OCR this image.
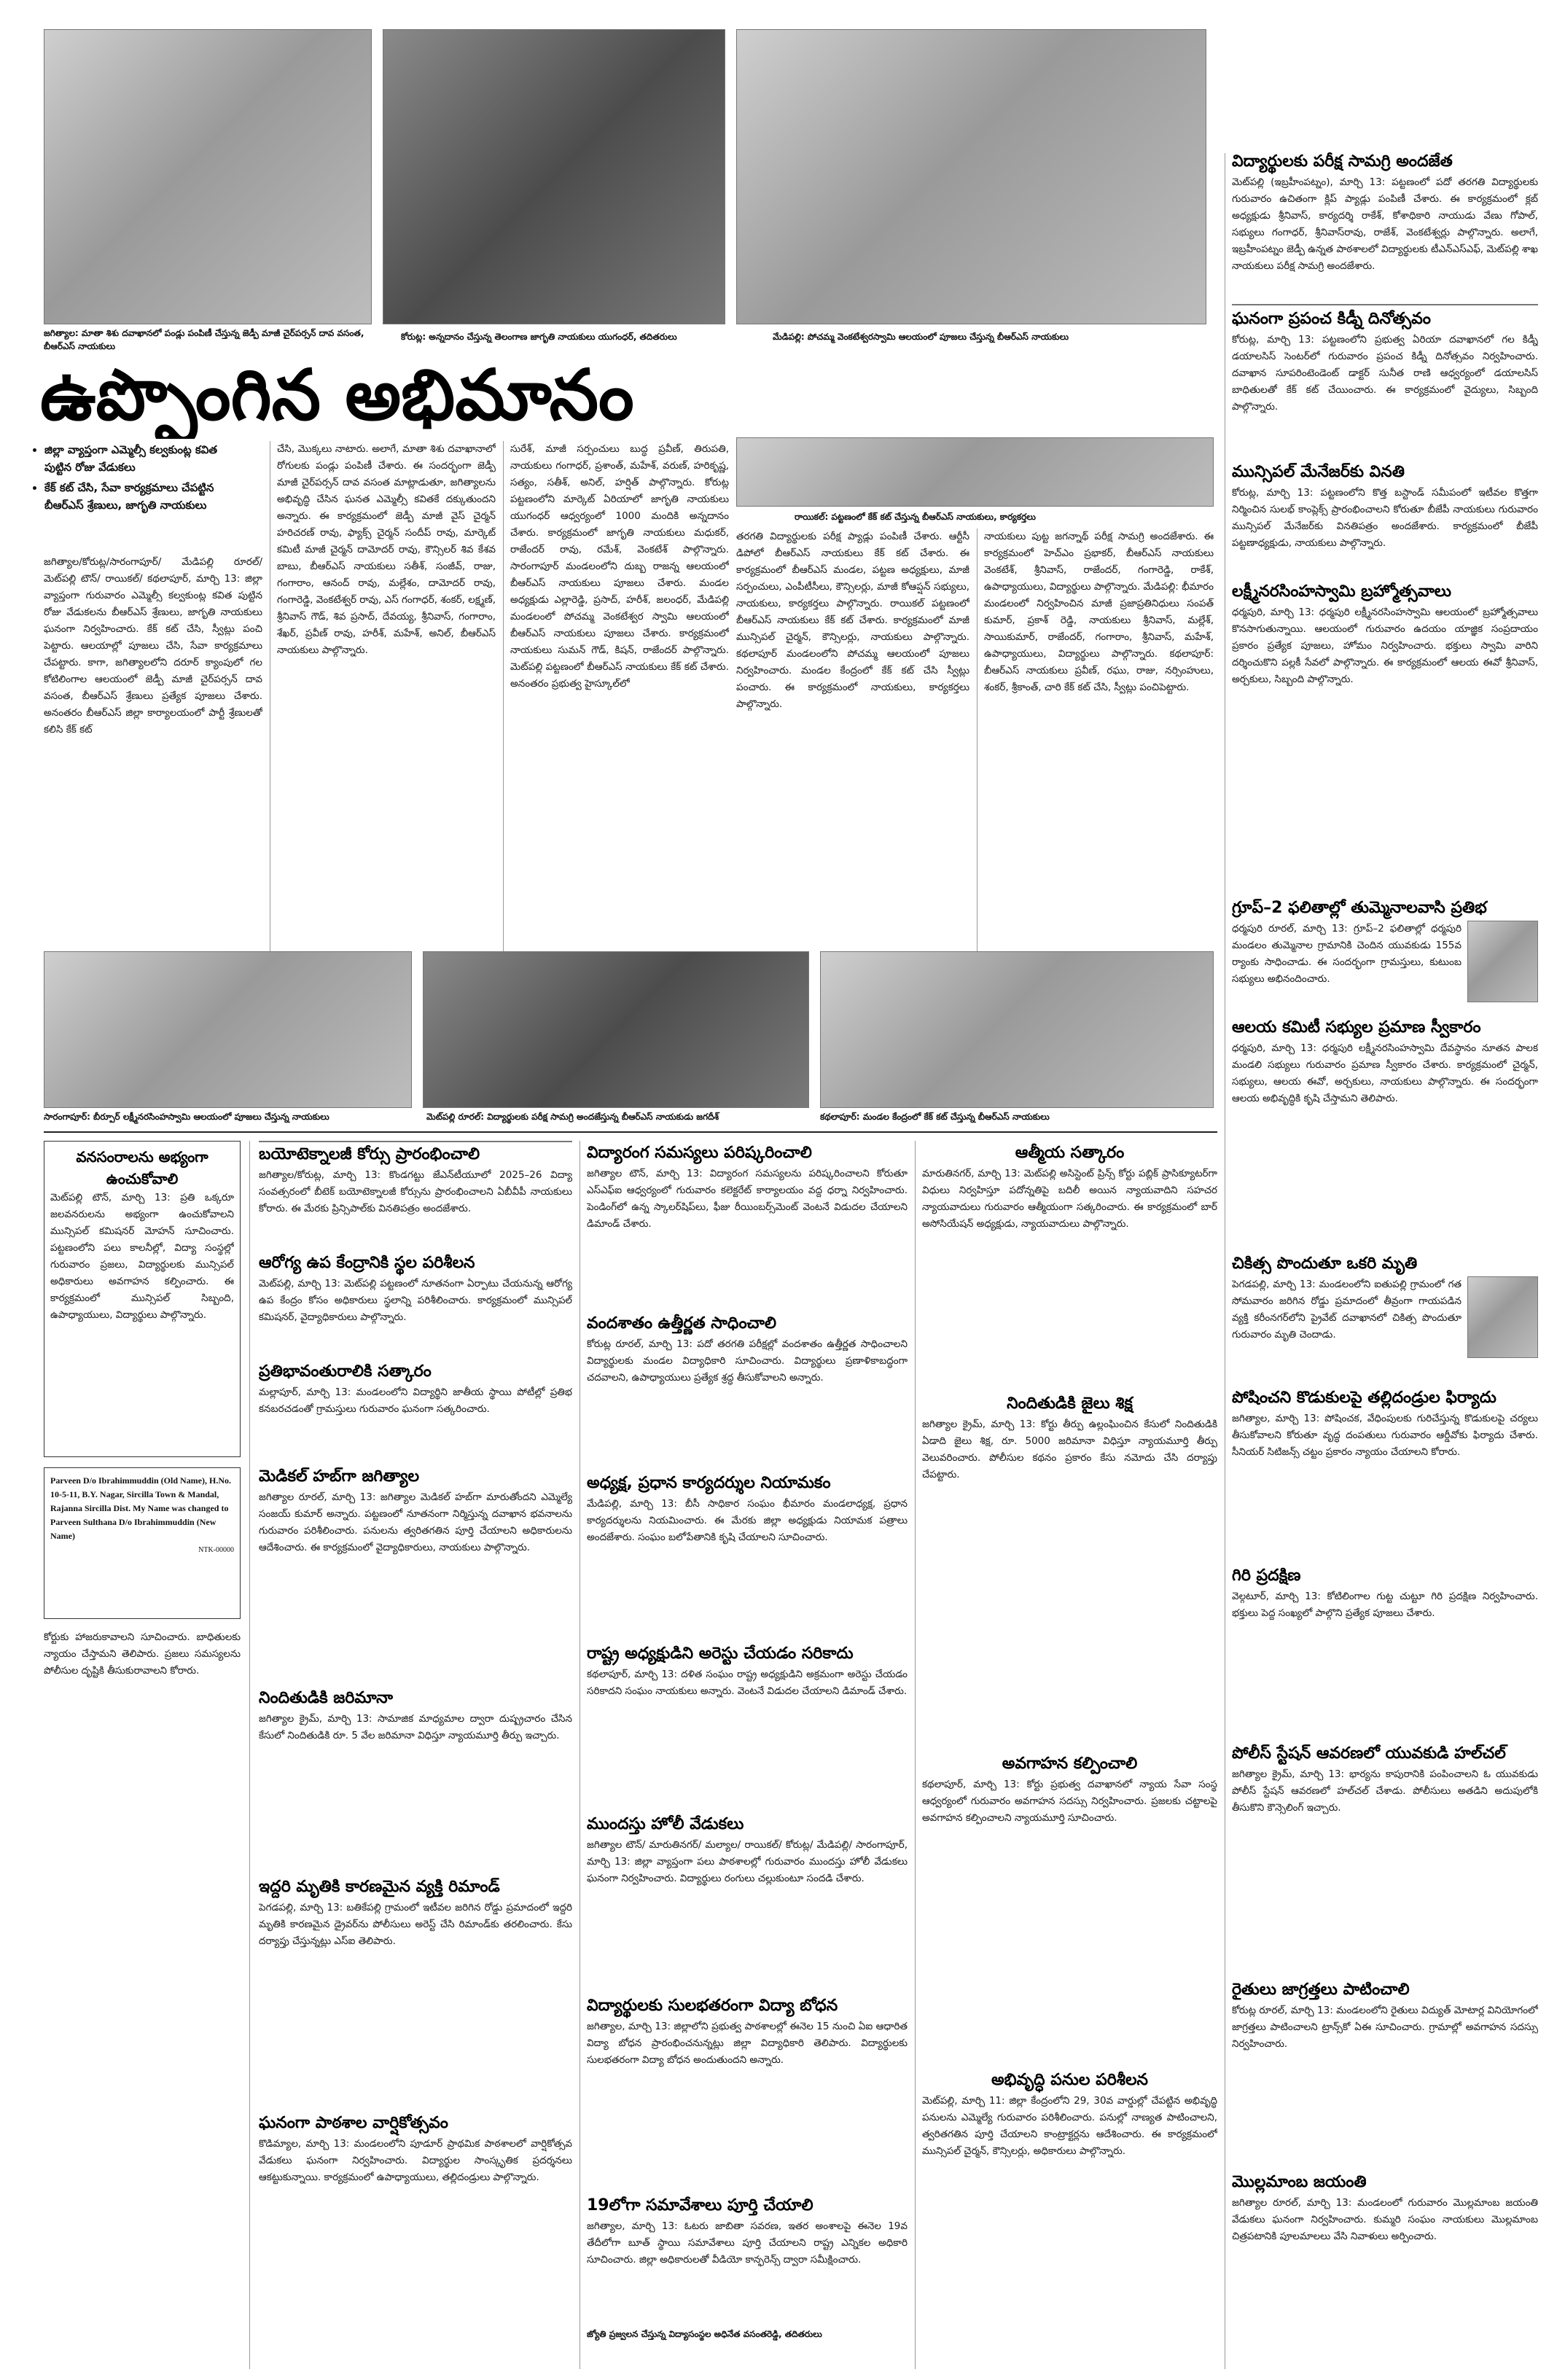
జగిత్యాల: మాతా శిశు దవాఖానలో పండ్లు పంపిణీ చేస్తున్న జెడ్పీ మాజీ చైర్‌పర్సన్ దావ వసంత, బీఆర్ఎస్ నాయకులు
కోరుట్ల: అన్నదానం చేస్తున్న తెలంగాణ జాగృతి నాయకులు యుగంధర్, తదితరులు	మేడిపల్లి: పోచమ్మ వెంకటేశ్వరస్వామి ఆలయంలో పూజలు చేస్తున్న బీఆర్ఎస్ నాయకులు
ఉప్పొంగిన అభిమానం
• జిల్లా వ్యాప్తంగా ఎమ్మెల్సీ కల్వకుంట్ల కవిత పుట్టిన రోజు వేడుకలు
• కేక్ కట్ చేసి, సేవా కార్యక్రమాలు చేపట్టిన బీఆర్ఎస్ శ్రేణులు, జాగృతి నాయకులు
జగిత్యాల/కోరుట్ల/సారంగాపూర్/ మేడిపల్లి రూరల్/ మెట్‌పల్లి టౌన్/ రాయికల్/ కథలాపూర్, మార్చి 13: జిల్లా వ్యాప్తంగా గురువారం ఎమ్మెల్సీ కల్వకుంట్ల కవిత పుట్టిన రోజు వేడుకలను బీఆర్ఎస్ శ్రేణులు, జాగృతి నాయకులు ఘనంగా నిర్వహించారు. కేక్ కట్ చేసి, స్వీట్లు పంచి పెట్టారు. ఆలయాల్లో పూజలు చేసి, సేవా కార్యక్రమాలు చేపట్టారు. కాగా, జగిత్యాలలోని దరూర్ క్యాంపులో గల కోటిలింగాల ఆలయంలో జెడ్పీ మాజీ చైర్‌పర్సన్ దావ వసంత, బీఆర్ఎస్ శ్రేణులు ప్రత్యేక పూజలు చేశారు. అనంతరం బీఆర్ఎస్ జిల్లా కార్యాలయంలో పార్టీ శ్రేణులతో కలిసి కేక్ కట్
చేసి, మొక్కలు నాటారు. అలాగే, మాతా శిశు దవాఖానాలో రోగులకు పండ్లు పంపిణీ చేశారు. ఈ సందర్భంగా జెడ్పీ మాజీ చైర్‌పర్సన్ దావ వసంత మాట్లాడుతూ, జగిత్యాలను అభివృద్ధి చేసిన ఘనత ఎమ్మెల్సీ కవితకే దక్కుతుందని అన్నారు. ఈ కార్యక్రమంలో జెడ్పీ మాజీ వైస్ చైర్మన్ హరిచరణ్ రావు, ఫ్యాక్స్ చైర్మన్ సందీప్ రావు, మార్కెట్ కమిటీ మాజీ చైర్మన్ దామోదర్ రావు, కౌన్సిలర్ శివ కేశవ బాబు, బీఆర్ఎస్ నాయకులు సతీశ్, సంజీవ్, రాజు, గంగారాం, ఆనంద్ రావు, మల్లేశం, దామోదర్ రావు, గంగారెడ్డి, వెంకటేశ్వర్ రావు, ఎస్ గంగాధర్, శంకర్, లక్ష్మణ్, శ్రీనివాస్ గౌడ్, శివ ప్రసాద్, దేవయ్య, శ్రీనివాస్, గంగారాం, శేఖర్, ప్రవీణ్ రావు, హరీశ్, మహేశ్, అనిల్, బీఆర్ఎస్ నాయకులు పాల్గొన్నారు.
సురేశ్, మాజీ సర్పంచులు బుద్ధ ప్రవీణ్, తిరుపతి, నాయకులు గంగాధర్, ప్రశాంత్, మహేశ్, వరుణ్, హరికృష్ణ, సత్యం, సతీశ్, అనిల్, హర్షిత్ పాల్గొన్నారు. కోరుట్ల పట్టణంలోని మార్కెట్ ఏరియాలో జాగృతి నాయకులు యుగంధర్ ఆధ్వర్యంలో 1000 మందికి అన్నదానం చేశారు. కార్యక్రమంలో జాగృతి నాయకులు మధుకర్, రాజేందర్ రావు, రమేశ్, వెంకటేశ్ పాల్గొన్నారు. సారంగాపూర్ మండలంలోని దుబ్బ రాజన్న ఆలయంలో బీఆర్ఎస్ నాయకులు పూజలు చేశారు. మండల అధ్యక్షుడు ఎల్లారెడ్డి, ప్రసాద్, హరీశ్, జలంధర్, మేడిపల్లి మండలంలో పోచమ్మ వెంకటేశ్వర స్వామి ఆలయంలో బీఆర్ఎస్ నాయకులు పూజలు చేశారు. కార్యక్రమంలో నాయకులు సుమన్ గౌడ్, కిషన్, రాజేందర్ పాల్గొన్నారు. మెట్‌పల్లి పట్టణంలో బీఆర్ఎస్ నాయకులు కేక్ కట్ చేశారు. అనంతరం ప్రభుత్వ హైస్కూల్‌లో
రాయికల్: పట్టణంలో కేక్ కట్ చేస్తున్న బీఆర్ఎస్ నాయకులు, కార్యకర్తలు
తరగతి విద్యార్థులకు పరీక్ష ప్యాడ్లు పంపిణీ చేశారు. ఆర్టీసీ డిపోలో బీఆర్ఎస్ నాయకులు కేక్ కట్ చేశారు. ఈ కార్యక్రమంలో బీఆర్ఎస్ మండల, పట్టణ అధ్యక్షులు, మాజీ సర్పంచులు, ఎంపీటీసీలు, కౌన్సిలర్లు, మాజీ కోఆప్షన్ సభ్యులు, నాయకులు, కార్యకర్తలు పాల్గొన్నారు. రాయికల్ పట్టణంలో బీఆర్ఎస్ నాయకులు కేక్ కట్ చేశారు. కార్యక్రమంలో మాజీ మున్సిపల్ చైర్మన్, కౌన్సిలర్లు, నాయకులు పాల్గొన్నారు. కథలాపూర్ మండలంలోని పోచమ్మ ఆలయంలో పూజలు నిర్వహించారు. మండల కేంద్రంలో కేక్ కట్ చేసి స్వీట్లు పంచారు. ఈ కార్యక్రమంలో నాయకులు, కార్యకర్తలు పాల్గొన్నారు.
నాయకులు పుట్ట జగన్నాథ్ పరీక్ష సామగ్రి అందజేశారు. ఈ కార్యక్రమంలో హెచ్‌ఎం ప్రభాకర్, బీఆర్ఎస్ నాయకులు వెంకటేశ్, శ్రీనివాస్, రాజేందర్, గంగారెడ్డి, రాకేశ్, ఉపాధ్యాయులు, విద్యార్థులు పాల్గొన్నారు. మేడిపల్లి: భీమారం మండలంలో నిర్వహించిన మాజీ ప్రజాప్రతినిధులు సంపత్ కుమార్, ప్రకాశ్ రెడ్డి, నాయకులు శ్రీనివాస్, మల్లేశ్, సాయికుమార్, రాజేందర్, గంగారాం, శ్రీనివాస్, మహేశ్, ఉపాధ్యాయులు, విద్యార్థులు పాల్గొన్నారు. కథలాపూర్: బీఆర్ఎస్ నాయకులు ప్రవీణ్, రఘు, రాజు, నర్సింహులు, శంకర్, శ్రీకాంత్, చారి కేక్ కట్ చేసి, స్వీట్లు పంచిపెట్టారు.
సారంగాపూర్: బీర్పూర్ లక్ష్మీనరసింహస్వామి ఆలయంలో పూజలు చేస్తున్న నాయకులు	మెట్‌పల్లి రూరల్: విద్యార్థులకు పరీక్ష సామగ్రి అందజేస్తున్న బీఆర్ఎస్ నాయకుడు జగదీశ్	కథలాపూర్: మండల కేంద్రంలో కేక్ కట్ చేస్తున్న బీఆర్ఎస్ నాయకులు
విద్యార్థులకు పరీక్ష సామగ్రి అందజేత
మెట్‌పల్లి (ఇబ్రహీంపట్నం), మార్చి 13: పట్టణంలో పదో తరగతి విద్యార్థులకు గురువారం ఉచితంగా క్లిప్ ప్యాడ్లు పంపిణీ చేశారు. ఈ కార్యక్రమంలో క్లబ్ అధ్యక్షుడు శ్రీనివాస్, కార్యదర్శి రాకేశ్, కోశాధికారి నాయుడు వేణు గోపాల్, సభ్యులు గంగాధర్, శ్రీనివాస్‌రావు, రాజేశ్, వెంకటేశ్వర్లు పాల్గొన్నారు. అలాగే, ఇబ్రహీంపట్నం జెడ్పీ ఉన్నత పాఠశాలలో విద్యార్థులకు టీఎన్‌ఎస్‌ఎఫ్, మెట్‌పల్లి శాఖ నాయకులు పరీక్ష సామగ్రి అందజేశారు.
ఘనంగా ప్రపంచ కిడ్నీ దినోత్సవం
కోరుట్ల, మార్చి 13: పట్టణంలోని ప్రభుత్వ ఏరియా దవాఖానలో గల కిడ్నీ డయాలసిస్ సెంటర్‌లో గురువారం ప్రపంచ కిడ్నీ దినోత్సవం నిర్వహించారు. దవాఖాన సూపరింటెండెంట్ డాక్టర్ సునీత రాణి ఆధ్వర్యంలో డయాలసిస్ బాధితులతో కేక్ కట్ చేయించారు. ఈ కార్యక్రమంలో వైద్యులు, సిబ్బంది పాల్గొన్నారు.
మున్సిపల్ మేనేజర్‌కు వినతి
కోరుట్ల, మార్చి 13: పట్టణంలోని కొత్త బస్టాండ్ సమీపంలో ఇటీవల కొత్తగా నిర్మించిన సులభ్ కాంప్లెక్స్ ప్రారంభించాలని కోరుతూ బీజేపీ నాయకులు గురువారం మున్సిపల్ మేనేజర్‌కు వినతిపత్రం అందజేశారు. కార్యక్రమంలో బీజేపీ పట్టణాధ్యక్షుడు, నాయకులు పాల్గొన్నారు.
లక్ష్మీనరసింహస్వామి బ్రహ్మోత్సవాలు
ధర్మపురి, మార్చి 13: ధర్మపురి లక్ష్మీనరసింహస్వామి ఆలయంలో బ్రహ్మోత్సవాలు కొనసాగుతున్నాయి. ఆలయంలో గురువారం ఉదయం యాజ్ఞిక సంప్రదాయం ప్రకారం ప్రత్యేక పూజలు, హోమం నిర్వహించారు. భక్తులు స్వామి వారిని దర్శించుకొని పల్లకీ సేవలో పాల్గొన్నారు. ఈ కార్యక్రమంలో ఆలయ ఈవో శ్రీనివాస్, అర్చకులు, సిబ్బంది పాల్గొన్నారు.
గ్రూప్–2 ఫలితాల్లో తుమ్మెనాలవాసి ప్రతిభ
ధర్మపురి రూరల్, మార్చి 13: గ్రూప్–2 ఫలితాల్లో ధర్మపురి మండలం తుమ్మెనాల గ్రామానికి చెందిన యువకుడు 155వ ర్యాంకు సాధించాడు. ఈ సందర్భంగా గ్రామస్తులు, కుటుంబ సభ్యులు అభినందించారు.
ఆలయ కమిటీ సభ్యుల ప్రమాణ స్వీకారం
ధర్మపురి, మార్చి 13: ధర్మపురి లక్ష్మీనరసింహస్వామి దేవస్థానం నూతన పాలక మండలి సభ్యులు గురువారం ప్రమాణ స్వీకారం చేశారు. కార్యక్రమంలో చైర్మన్, సభ్యులు, ఆలయ ఈవో, అర్చకులు, నాయకులు పాల్గొన్నారు. ఈ సందర్భంగా ఆలయ అభివృద్ధికి కృషి చేస్తామని తెలిపారు.
చికిత్స పొందుతూ ఒకరి మృతి
పెగడపల్లి, మార్చి 13: మండలంలోని ఐతుపల్లి గ్రామంలో గత సోమవారం జరిగిన రోడ్డు ప్రమాదంలో తీవ్రంగా గాయపడిన వ్యక్తి కరీంనగర్‌లోని ప్రైవేట్ దవాఖానలో చికిత్స పొందుతూ గురువారం మృతి చెందాడు.
పోషించని కొడుకులపై తల్లిదండ్రుల ఫిర్యాదు
జగిత్యాల, మార్చి 13: పోషించక, వేధింపులకు గురిచేస్తున్న కొడుకులపై చర్యలు తీసుకోవాలని కోరుతూ వృద్ధ దంపతులు గురువారం ఆర్డీవోకు ఫిర్యాదు చేశారు. సీనియర్ సిటిజన్స్ చట్టం ప్రకారం న్యాయం చేయాలని కోరారు.
గిరి ప్రదక్షిణ
వెల్గటూర్, మార్చి 13: కోటిలింగాల గుట్ట చుట్టూ గిరి ప్రదక్షిణ నిర్వహించారు. భక్తులు పెద్ద సంఖ్యలో పాల్గొని ప్రత్యేక పూజలు చేశారు.
పోలీస్ స్టేషన్ ఆవరణలో యువకుడి హల్‌చల్
జగిత్యాల క్రైమ్, మార్చి 13: భార్యను కాపురానికి పంపించాలని ఓ యువకుడు పోలీస్ స్టేషన్ ఆవరణలో హల్‌చల్ చేశాడు. పోలీసులు అతడిని అదుపులోకి తీసుకొని కౌన్సెలింగ్ ఇచ్చారు.
రైతులు జాగ్రత్తలు పాటించాలి
కోరుట్ల రూరల్, మార్చి 13: మండలంలోని రైతులు విద్యుత్ మోటార్ల వినియోగంలో జాగ్రత్తలు పాటించాలని ట్రాన్స్‌కో ఏఈ సూచించారు. గ్రామాల్లో అవగాహన సదస్సు నిర్వహించారు.
మొల్లమాంబ జయంతి
జగిత్యాల రూరల్, మార్చి 13: మండలంలో గురువారం మొల్లమాంబ జయంతి వేడుకలు ఘనంగా నిర్వహించారు. కుమ్మరి సంఘం నాయకులు మొల్లమాంబ చిత్రపటానికి పూలమాలలు వేసి నివాళులు అర్పించారు.
వనసంరాలను అభ్యంగా ఉంచుకోవాలి
మెట్‌పల్లి టౌన్, మార్చి 13: ప్రతి ఒక్కరూ జలవనరులను అభ్యంగా ఉంచుకోవాలని మున్సిపల్ కమిషనర్ మోహన్ సూచించారు. పట్టణంలోని పలు కాలనీల్లో, విద్యా సంస్థల్లో గురువారం ప్రజలు, విద్యార్థులకు మున్సిపల్ అధికారులు అవగాహన కల్పించారు. ఈ కార్యక్రమంలో మున్సిపల్ సిబ్బంది, ఉపాధ్యాయులు, విద్యార్థులు పాల్గొన్నారు.
Parveen D/o Ibrahimmuddin (Old Name), H.No. 10-5-11, B.Y. Nagar, Sircilla Town & Mandal, Rajanna Sircilla Dist. My Name was changed to Parveen Sulthana D/o Ibrahimmuddin (New Name)
NTK-00000
కోర్టుకు హాజరుకావాలని సూచించారు. బాధితులకు న్యాయం చేస్తామని తెలిపారు. ప్రజలు సమస్యలను పోలీసుల దృష్టికి తీసుకురావాలని కోరారు.
బయోటెక్నాలజీ కోర్సు ప్రారంభించాలి
జగిత్యాల/కోరుట్ల, మార్చి 13: కొండగట్టు జేఎన్‌టీయూలో 2025–26 విద్యా సంవత్సరంలో బీటెక్ బయోటెక్నాలజీ కోర్సును ప్రారంభించాలని ఏబీవీపీ నాయకులు కోరారు. ఈ మేరకు ప్రిన్సిపాల్‌కు వినతిపత్రం అందజేశారు.
ఆరోగ్య ఉప కేంద్రానికి స్థల పరిశీలన
మెట్‌పల్లి, మార్చి 13: మెట్‌పల్లి పట్టణంలో నూతనంగా ఏర్పాటు చేయనున్న ఆరోగ్య ఉప కేంద్రం కోసం అధికారులు స్థలాన్ని పరిశీలించారు. కార్యక్రమంలో మున్సిపల్ కమిషనర్, వైద్యాధికారులు పాల్గొన్నారు.
ప్రతిభావంతురాలికి సత్కారం
మల్లాపూర్, మార్చి 13: మండలంలోని విద్యార్థిని జాతీయ స్థాయి పోటీల్లో ప్రతిభ కనబరచడంతో గ్రామస్తులు గురువారం ఘనంగా సత్కరించారు.
మెడికల్ హబ్‌గా జగిత్యాల
జగిత్యాల రూరల్, మార్చి 13: జగిత్యాల మెడికల్ హబ్‌గా మారుతోందని ఎమ్మెల్యే సంజయ్ కుమార్ అన్నారు. పట్టణంలో నూతనంగా నిర్మిస్తున్న దవాఖాన భవనాలను గురువారం పరిశీలించారు. పనులను త్వరితగతిన పూర్తి చేయాలని అధికారులను ఆదేశించారు. ఈ కార్యక్రమంలో వైద్యాధికారులు, నాయకులు పాల్గొన్నారు.
నిందితుడికి జరిమానా
జగిత్యాల క్రైమ్, మార్చి 13: సామాజిక మాధ్యమాల ద్వారా దుష్ప్రచారం చేసిన కేసులో నిందితుడికి రూ. 5 వేల జరిమానా విధిస్తూ న్యాయమూర్తి తీర్పు ఇచ్చారు.
ఇద్దరి మృతికి కారణమైన వ్యక్తి రిమాండ్
పెగడపల్లి, మార్చి 13: బతికేపల్లి గ్రామంలో ఇటీవల జరిగిన రోడ్డు ప్రమాదంలో ఇద్దరి మృతికి కారణమైన డ్రైవర్‌ను పోలీసులు అరెస్ట్ చేసి రిమాండ్‌కు తరలించారు. కేసు దర్యాప్తు చేస్తున్నట్లు ఎస్ఐ తెలిపారు.
ఘనంగా పాఠశాల వార్షికోత్సవం
కొడిమ్యాల, మార్చి 13: మండలంలోని పూడూర్ ప్రాథమిక పాఠశాలలో వార్షికోత్సవ వేడుకలు ఘనంగా నిర్వహించారు. విద్యార్థుల సాంస్కృతిక ప్రదర్శనలు ఆకట్టుకున్నాయి. కార్యక్రమంలో ఉపాధ్యాయులు, తల్లిదండ్రులు పాల్గొన్నారు.
విద్యారంగ సమస్యలు పరిష్కరించాలి
జగిత్యాల టౌన్, మార్చి 13: విద్యారంగ సమస్యలను పరిష్కరించాలని కోరుతూ ఎస్ఎఫ్ఐ ఆధ్వర్యంలో గురువారం కలెక్టరేట్ కార్యాలయం వద్ద ధర్నా నిర్వహించారు. పెండింగ్‌లో ఉన్న స్కాలర్‌షిప్‌లు, ఫీజు రీయింబర్స్‌మెంట్ వెంటనే విడుదల చేయాలని డిమాండ్ చేశారు.
వందశాతం ఉత్తీర్ణత సాధించాలి
కోరుట్ల రూరల్, మార్చి 13: పదో తరగతి పరీక్షల్లో వందశాతం ఉత్తీర్ణత సాధించాలని విద్యార్థులకు మండల విద్యాధికారి సూచించారు. విద్యార్థులు ప్రణాళికాబద్ధంగా చదవాలని, ఉపాధ్యాయులు ప్రత్యేక శ్రద్ధ తీసుకోవాలని అన్నారు.
అధ్యక్ష, ప్రధాన కార్యదర్శుల నియామకం
మేడిపల్లి, మార్చి 13: బీసీ సాధికార సంఘం భీమారం మండలాధ్యక్ష, ప్రధాన కార్యదర్శులను నియమించారు. ఈ మేరకు జిల్లా అధ్యక్షుడు నియామక పత్రాలు అందజేశారు. సంఘం బలోపేతానికి కృషి చేయాలని సూచించారు.
రాష్ట్ర అధ్యక్షుడిని అరెస్టు చేయడం సరికాదు
కథలాపూర్, మార్చి 13: దళిత సంఘం రాష్ట్ర అధ్యక్షుడిని అక్రమంగా అరెస్టు చేయడం సరికాదని సంఘం నాయకులు అన్నారు. వెంటనే విడుదల చేయాలని డిమాండ్ చేశారు.
ముందస్తు హోలీ వేడుకలు
జగిత్యాల టౌన్/ మారుతినగర్/ మల్యాల/ రాయికల్/ కోరుట్ల/ మేడిపల్లి/ సారంగాపూర్, మార్చి 13: జిల్లా వ్యాప్తంగా పలు పాఠశాలల్లో గురువారం ముందస్తు హోలీ వేడుకలు ఘనంగా నిర్వహించారు. విద్యార్థులు రంగులు చల్లుకుంటూ సందడి చేశారు.
విద్యార్థులకు సులభతరంగా విద్యా బోధన
జగిత్యాల, మార్చి 13: జిల్లాలోని ప్రభుత్వ పాఠశాలల్లో ఈనెల 15 నుంచి ఏఐ ఆధారిత విద్యా బోధన ప్రారంభించనున్నట్లు జిల్లా విద్యాధికారి తెలిపారు. విద్యార్థులకు సులభతరంగా విద్యా బోధన అందుతుందని అన్నారు.
19లోగా సమావేశాలు పూర్తి చేయాలి
జగిత్యాల, మార్చి 13: ఓటరు జాబితా సవరణ, ఇతర అంశాలపై ఈనెల 19వ తేదీలోగా బూత్ స్థాయి సమావేశాలు పూర్తి చేయాలని రాష్ట్ర ఎన్నికల అధికారి సూచించారు. జిల్లా అధికారులతో వీడియో కాన్ఫరెన్స్ ద్వారా సమీక్షించారు.
జ్యోతి ప్రజ్వలన చేస్తున్న విద్యాసంస్థల అధినేత వసంతరెడ్డి, తదితరులు
ఆత్మీయ సత్కారం
మారుతినగర్, మార్చి 13: మెట్‌పల్లి అసిస్టెంట్ ప్రిన్స్ కోర్టు పబ్లిక్ ప్రాసిక్యూటర్‌గా విధులు నిర్వహిస్తూ పదోన్నతిపై బదిలీ అయిన న్యాయవాదిని సహచర న్యాయవాదులు గురువారం ఆత్మీయంగా సత్కరించారు. ఈ కార్యక్రమంలో బార్ అసోసియేషన్ అధ్యక్షుడు, న్యాయవాదులు పాల్గొన్నారు.
నిందితుడికి జైలు శిక్ష
జగిత్యాల క్రైమ్, మార్చి 13: కోర్టు తీర్పు ఉల్లంఘించిన కేసులో నిందితుడికి ఏడాది జైలు శిక్ష, రూ. 5000 జరిమానా విధిస్తూ న్యాయమూర్తి తీర్పు వెలువరించారు. పోలీసుల కథనం ప్రకారం కేసు నమోదు చేసి దర్యాప్తు చేపట్టారు.
అవగాహన కల్పించాలి
కథలాపూర్, మార్చి 13: కోర్టు ప్రభుత్వ దవాఖానలో న్యాయ సేవా సంస్థ ఆధ్వర్యంలో గురువారం అవగాహన సదస్సు నిర్వహించారు. ప్రజలకు చట్టాలపై అవగాహన కల్పించాలని న్యాయమూర్తి సూచించారు.
అభివృద్ధి పనుల పరిశీలన
మెట్‌పల్లి, మార్చి 11: జిల్లా కేంద్రంలోని 29, 30వ వార్డుల్లో చేపట్టిన అభివృద్ధి పనులను ఎమ్మెల్యే గురువారం పరిశీలించారు. పనుల్లో నాణ్యత పాటించాలని, త్వరితగతిన పూర్తి చేయాలని కాంట్రాక్టర్లను ఆదేశించారు. ఈ కార్యక్రమంలో మున్సిపల్ చైర్మన్, కౌన్సిలర్లు, అధికారులు పాల్గొన్నారు.
